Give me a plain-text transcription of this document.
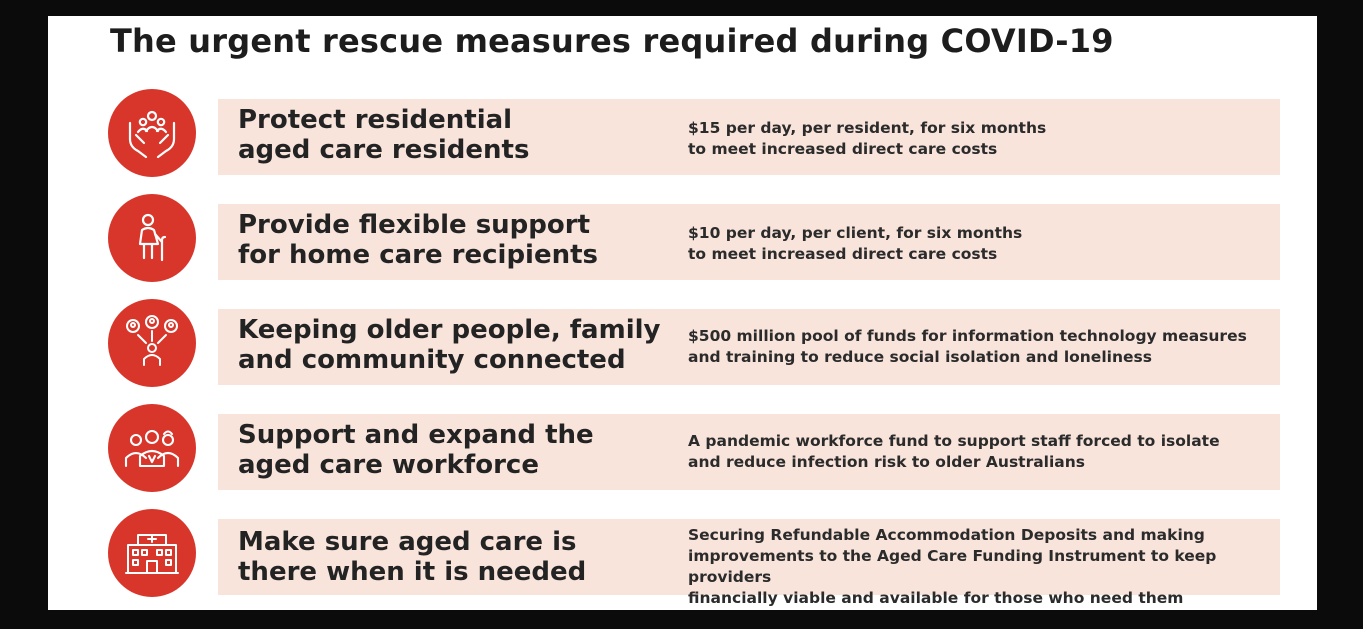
The urgent rescue measures required during COVID-19
Protect residential
aged care residents
$15 per day, per resident, for six months
to meet increased direct care costs
Provide flexible support
for home care recipients
$10 per day, per client, for six months
to meet increased direct care costs
Keeping older people, family
and community connected
$500 million pool of funds for information technology measures
and training to reduce social isolation and loneliness
Support and expand the
aged care workforce
A pandemic workforce fund to support staff forced to isolate
and reduce infection risk to older Australians
Make sure aged care is
there when it is needed
Securing Refundable Accommodation Deposits and making
improvements to the Aged Care Funding Instrument to keep providers
financially viable and available for those who need them
